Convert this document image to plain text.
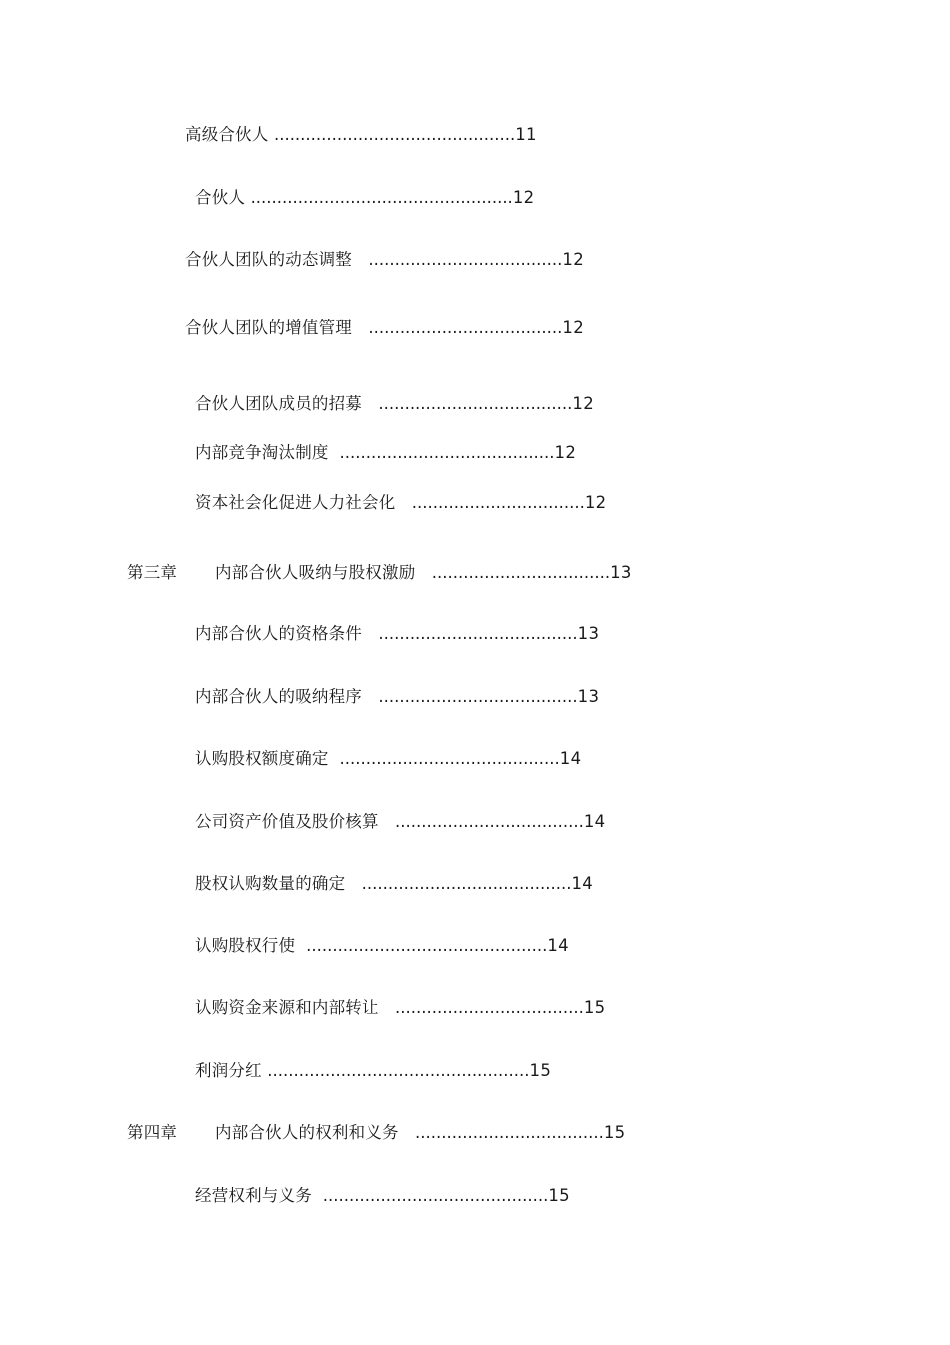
高级合伙人 ..............................................11
合伙人 ..................................................12
合伙人团队的动态调整 .....................................12
合伙人团队的增值管理 .....................................12
合伙人团队成员的招募 .....................................12
内部竞争淘汰制度 .........................................12
资本社会化促进人力社会化 .................................12
第三章 内部合伙人吸纳与股权激励 ..................................13
内部合伙人的资格条件 ......................................13
内部合伙人的吸纳程序 ......................................13
认购股权额度确定 ..........................................14
公司资产价值及股价核算 ....................................14
股权认购数量的确定 ........................................14
认购股权行使 ..............................................14
认购资金来源和内部转让 ....................................15
利润分红 ..................................................15
第四章 内部合伙人的权利和义务 ....................................15
经营权利与义务 ...........................................15
